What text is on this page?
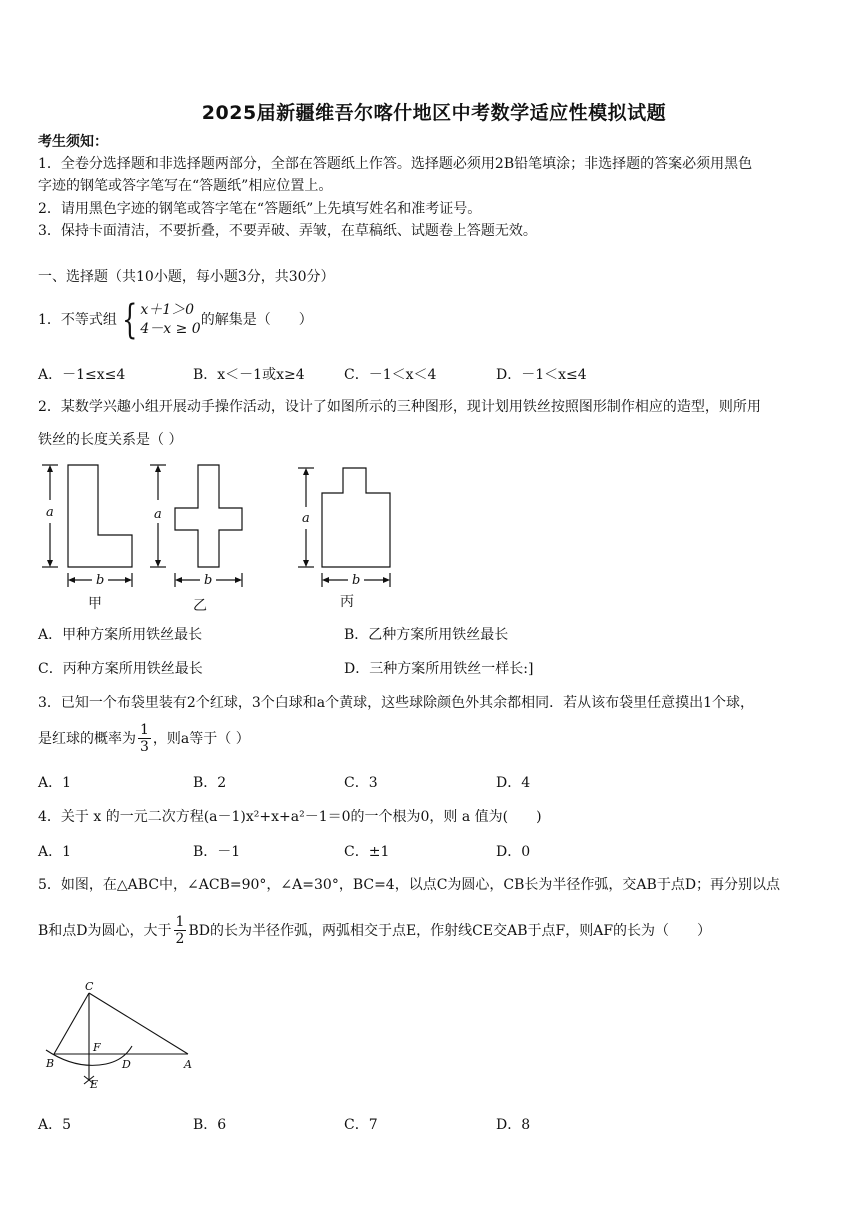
2025届新疆维吾尔喀什地区中考数学适应性模拟试题
考生须知：
1．全卷分选择题和非选择题两部分，全部在答题纸上作答。选择题必须用2B铅笔填涂；非选择题的答案必须用黑色
字迹的钢笔或答字笔写在“答题纸”相应位置上。
2．请用黑色字迹的钢笔或答字笔在“答题纸”上先填写姓名和准考证号。
3．保持卡面清洁，不要折叠，不要弄破、弄皱，在草稿纸、试题卷上答题无效。
一、选择题（共10小题，每小题3分，共30分）
1．不等式组 { x＋1＞0
4－x ≥ 0
的解集是（　　）
A．－1≤x≤4	B．x＜－1或x≥4	C．－1＜x＜4	D．－1＜x≤4
2．某数学兴趣小组开展动手操作活动，设计了如图所示的三种图形，现计划用铁丝按照图形制作相应的造型，则所用
铁丝的长度关系是（ ）
a	a	a
b	b	b
甲	乙	丙
A．甲种方案所用铁丝最长	B．乙种方案所用铁丝最长
C．丙种方案所用铁丝最长	D．三种方案所用铁丝一样长:]
3．已知一个布袋里装有2个红球，3个白球和a个黄球，这些球除颜色外其余都相同．若从该布袋里任意摸出1个球，
是红球的概率为 $\frac{1}{3}$ ，则a等于（ ）
A．1	B．2	C．3	D．4
4．关于 x 的一元二次方程(a－1)x²+x+a²－1＝0的一个根为0，则 a 值为(　　)
A．1	B．－1	C．±1	D．0
5．如图，在△ABC中，∠ACB=90°，∠A=30°，BC=4，以点C为圆心，CB长为半径作弧，交AB于点D；再分别以点
B和点D为圆心，大于 $\frac{1}{2}$ BD的长为半径作弧，两弧相交于点E，作射线CE交AB于点F，则AF的长为（　　）
C
B
F
D	A
E
A．5	B．6	C．7	D．8
